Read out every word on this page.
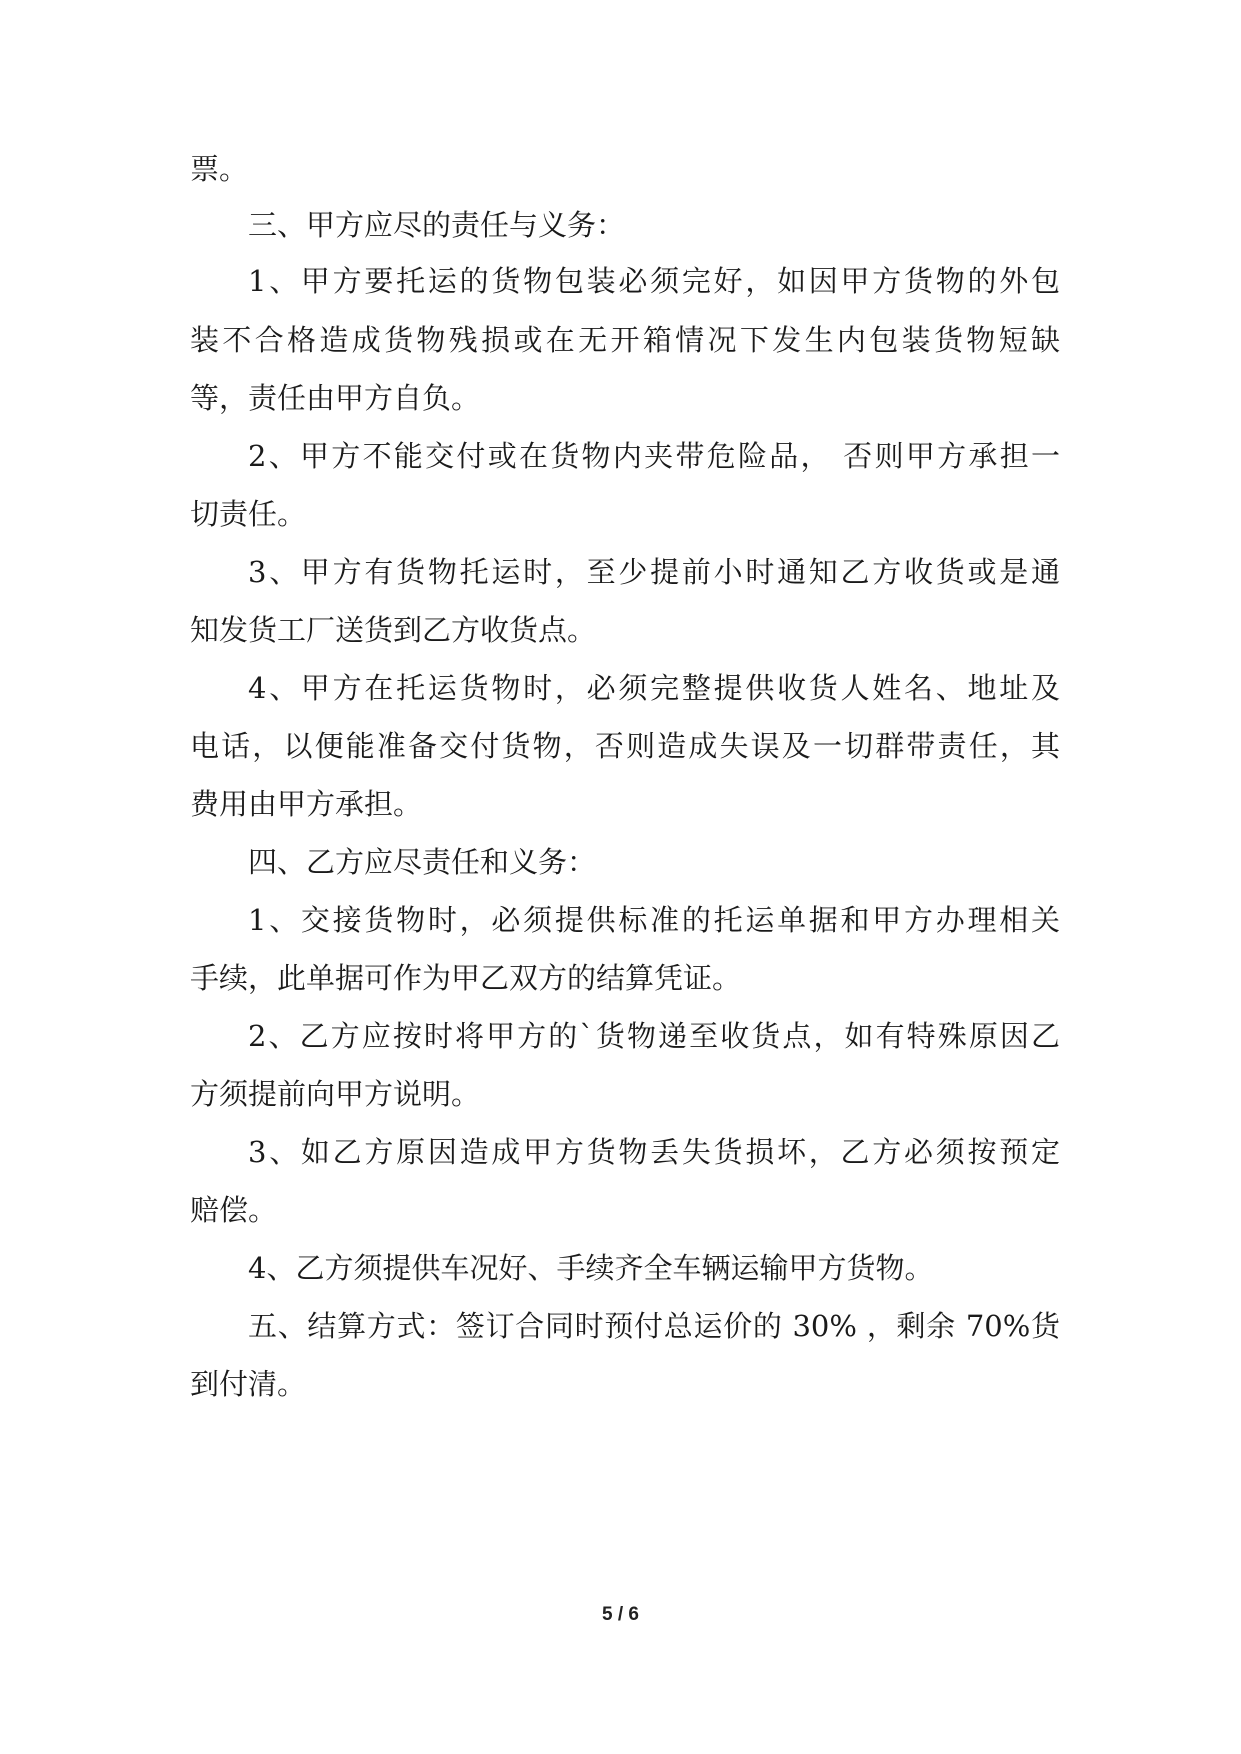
票。

三、甲方应尽的责任与义务：

1、甲方要托运的货物包装必须完好，如因甲方货物的外包

装不合格造成货物残损或在无开箱情况下发生内包装货物短缺

等，责任由甲方自负。

2、甲方不能交付或在货物内夹带危险品， 否则甲方承担一

切责任。

3、甲方有货物托运时，至少提前小时通知乙方收货或是通

知发货工厂送货到乙方收货点。

4、甲方在托运货物时，必须完整提供收货人姓名、地址及

电话，以便能准备交付货物，否则造成失误及一切群带责任，其

费用由甲方承担。

四、乙方应尽责任和义务：

1、交接货物时，必须提供标准的托运单据和甲方办理相关

手续，此单据可作为甲乙双方的结算凭证。

2、乙方应按时将甲方的`货物递至收货点，如有特殊原因乙

方须提前向甲方说明。

3、如乙方原因造成甲方货物丢失货损坏，乙方必须按预定

赔偿。

4、乙方须提供车况好、手续齐全车辆运输甲方货物。

五、结算方式：签订合同时预付总运价的 30% ，剩余 70%货

到付清。

5 / 6
